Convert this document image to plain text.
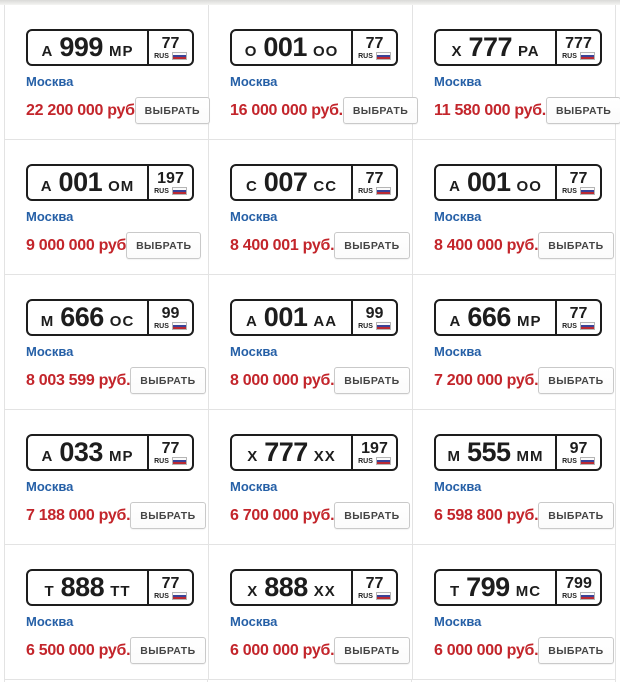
А 999 МР 77
RUS
Москва
22 200 000 руб ВЫБРАТЬ
О 001 ОО 77
RUS
Москва
16 000 000 руб. ВЫБРАТЬ
Х 777 РА 777
RUS
Москва
11 580 000 руб. ВЫБРАТЬ
А 001 ОМ 197
RUS
Москва
9 000 000 руб ВЫБРАТЬ
С 007 СС 77
RUS
Москва
8 400 001 руб. ВЫБРАТЬ
А 001 ОО 77
RUS
Москва
8 400 000 руб. ВЫБРАТЬ
М 666 ОС 99
RUS
Москва
8 003 599 руб. ВЫБРАТЬ
А 001 АА 99
RUS
Москва
8 000 000 руб. ВЫБРАТЬ
А 666 МР 77
RUS
Москва
7 200 000 руб. ВЫБРАТЬ
А 033 МР 77
RUS
Москва
7 188 000 руб. ВЫБРАТЬ
Х 777 ХХ 197
RUS
Москва
6 700 000 руб. ВЫБРАТЬ
М 555 ММ 97
RUS
Москва
6 598 800 руб. ВЫБРАТЬ
Т 888 ТТ 77
RUS
Москва
6 500 000 руб. ВЫБРАТЬ
Х 888 ХХ 77
RUS
Москва
6 000 000 руб. ВЫБРАТЬ
Т 799 МС 799
RUS
Москва
6 000 000 руб. ВЫБРАТЬ
